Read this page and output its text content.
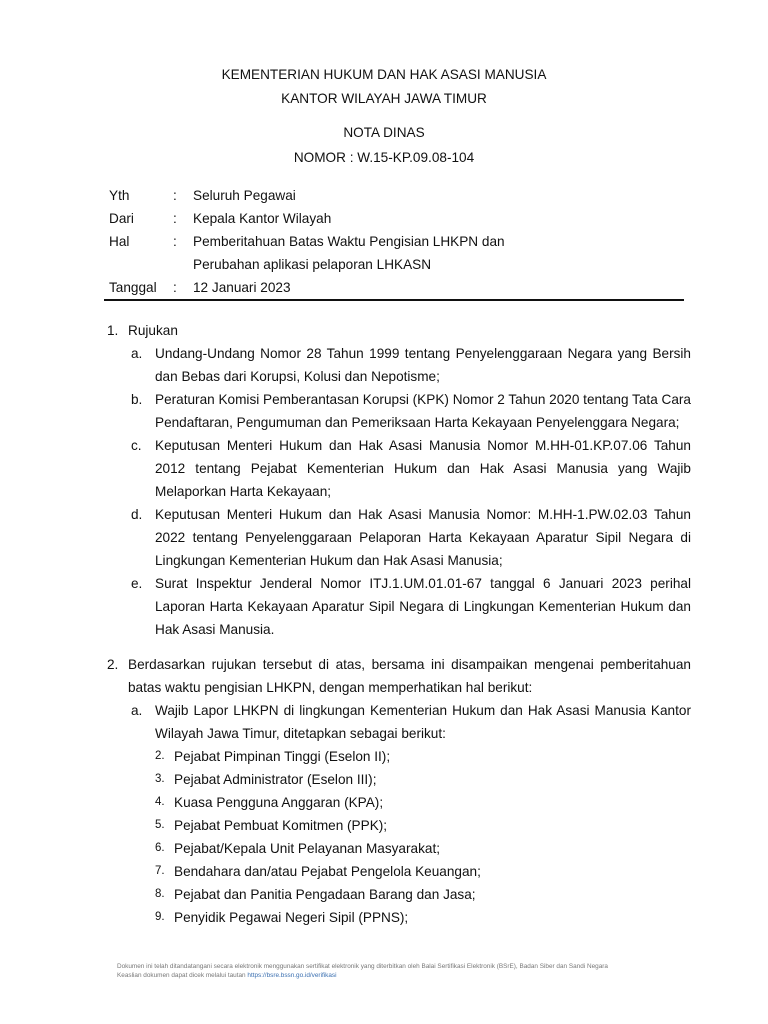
KEMENTERIAN HUKUM DAN HAK ASASI MANUSIA
KANTOR WILAYAH JAWA TIMUR
NOTA DINAS
NOMOR : W.15-KP.09.08-104
Yth	:	Seluruh Pegawai
Dari	:	Kepala Kantor Wilayah
Hal	:	Pemberitahuan Batas Waktu Pengisian LHKPN dan Perubahan aplikasi pelaporan LHKASN
Tanggal	:	12 Januari 2023
1. Rujukan
a. Undang-Undang Nomor 28 Tahun 1999 tentang Penyelenggaraan Negara yang Bersih dan Bebas dari Korupsi, Kolusi dan Nepotisme;
b. Peraturan Komisi Pemberantasan Korupsi (KPK) Nomor 2 Tahun 2020 tentang Tata Cara Pendaftaran, Pengumuman dan Pemeriksaan Harta Kekayaan Penyelenggara Negara;
c. Keputusan Menteri Hukum dan Hak Asasi Manusia Nomor M.HH-01.KP.07.06 Tahun 2012 tentang Pejabat Kementerian Hukum dan Hak Asasi Manusia yang Wajib Melaporkan Harta Kekayaan;
d. Keputusan Menteri Hukum dan Hak Asasi Manusia Nomor: M.HH-1.PW.02.03 Tahun 2022 tentang Penyelenggaraan Pelaporan Harta Kekayaan Aparatur Sipil Negara di Lingkungan Kementerian Hukum dan Hak Asasi Manusia;
e. Surat Inspektur Jenderal Nomor ITJ.1.UM.01.01-67 tanggal 6 Januari 2023 perihal Laporan Harta Kekayaan Aparatur Sipil Negara di Lingkungan Kementerian Hukum dan Hak Asasi Manusia.
2. Berdasarkan rujukan tersebut di atas, bersama ini disampaikan mengenai pemberitahuan batas waktu pengisian LHKPN, dengan memperhatikan hal berikut:
a. Wajib Lapor LHKPN di lingkungan Kementerian Hukum dan Hak Asasi Manusia Kantor Wilayah Jawa Timur, ditetapkan sebagai berikut:
2. Pejabat Pimpinan Tinggi (Eselon II);
3. Pejabat Administrator (Eselon III);
4. Kuasa Pengguna Anggaran (KPA);
5. Pejabat Pembuat Komitmen (PPK);
6. Pejabat/Kepala Unit Pelayanan Masyarakat;
7. Bendahara dan/atau Pejabat Pengelola Keuangan;
8. Pejabat dan Panitia Pengadaan Barang dan Jasa;
9. Penyidik Pegawai Negeri Sipil (PPNS);
Dokumen ini telah ditandatangani secara elektronik menggunakan sertifikat elektronik yang diterbitkan oleh Balai Sertifikasi Elektronik (BSrE), Badan Siber dan Sandi Negara
Keaslian dokumen dapat dicek melalui tautan https://bsre.bssn.go.id/verifikasi
